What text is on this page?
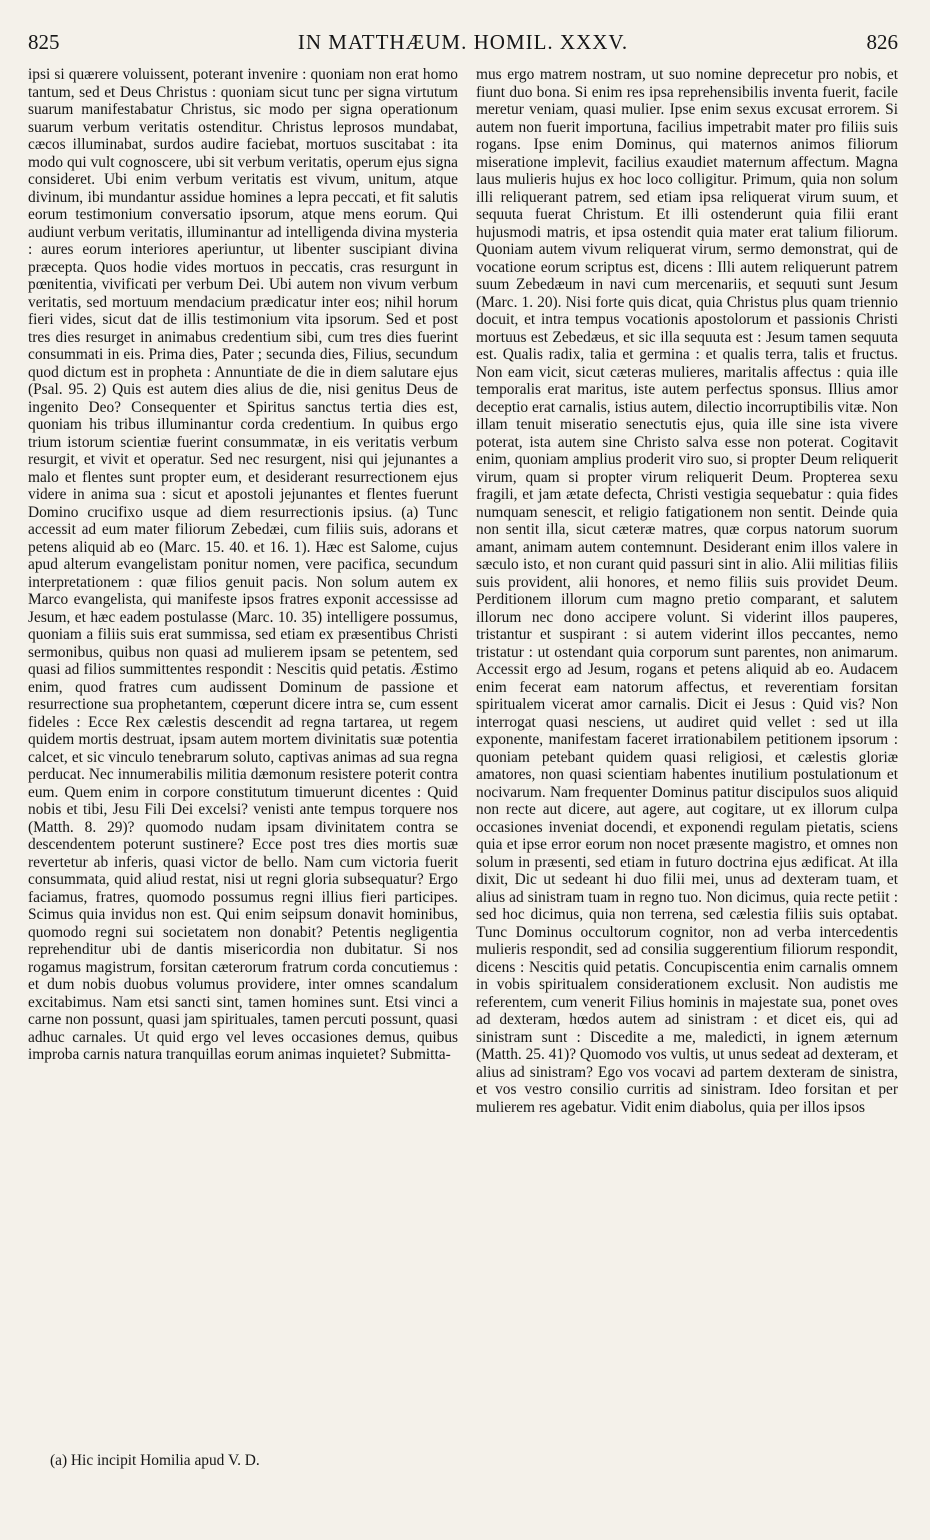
825	IN MATTHÆUM. HOMIL. XXXV.	826

ipsi si quærere voluissent, poterant invenire : quoniam non erat homo tantum, sed et Deus Christus : quoniam sicut tunc per signa virtutum suarum manifestabatur Christus, sic modo per signa operationum suarum verbum veritatis ostenditur. Christus leprosos mundabat, cæcos illuminabat, surdos audire faciebat, mortuos suscitabat : ita modo qui vult cognoscere, ubi sit verbum veritatis, operum ejus signa consideret. Ubi enim verbum veritatis est vivum, unitum, atque divinum, ibi mundantur assidue homines a lepra peccati, et fit salutis eorum testimonium conversatio ipsorum, atque mens eorum. Qui audiunt verbum veritatis, illuminantur ad intelligenda divina mysteria : aures eorum interiores aperiuntur, ut libenter suscipiant divina præcepta. Quos hodie vides mortuos in peccatis, cras resurgunt in pœnitentia, vivificati per verbum Dei. Ubi autem non vivum verbum veritatis, sed mortuum mendacium prædicatur inter eos; nihil horum fieri vides, sicut dat de illis testimonium vita ipsorum. Sed et post tres dies resurget in animabus credentium sibi, cum tres dies fuerint consummati in eis. Prima dies, Pater ; secunda dies, Filius, secundum quod dictum est in propheta : Annuntiate de die in diem salutare ejus (Psal. 95. 2) Quis est autem dies alius de die, nisi genitus Deus de ingenito Deo? Consequenter et Spiritus sanctus tertia dies est, quoniam his tribus illuminantur corda credentium. In quibus ergo trium istorum scientiæ fuerint consummatæ, in eis veritatis verbum resurgit, et vivit et operatur. Sed nec resurgent, nisi qui jejunantes a malo et flentes sunt propter eum, et desiderant resurrectionem ejus videre in anima sua : sicut et apostoli jejunantes et flentes fuerunt Domino crucifixo usque ad diem resurrectionis ipsius. (a) Tunc accessit ad eum mater filiorum Zebedæi, cum filiis suis, adorans et petens aliquid ab eo (Marc. 15. 40. et 16. 1). Hæc est Salome, cujus apud alterum evangelistam ponitur nomen, vere pacifica, secundum interpretationem : quæ filios genuit pacis. Non solum autem ex Marco evangelista, qui manifeste ipsos fratres exponit accessisse ad Jesum, et hæc eadem postulasse (Marc. 10. 35) intelligere possumus, quoniam a filiis suis erat summissa, sed etiam ex præsentibus Christi sermonibus, quibus non quasi ad mulierem ipsam se petentem, sed quasi ad filios summittentes respondit : Nescitis quid petatis. Æstimo enim, quod fratres cum audissent Dominum de passione et resurrectione sua prophetantem, cœperunt dicere intra se, cum essent fideles : Ecce Rex cælestis descendit ad regna tartarea, ut regem quidem mortis destruat, ipsam autem mortem divinitatis suæ potentia calcet, et sic vinculo tenebrarum soluto, captivas animas ad sua regna perducat. Nec innumerabilis militia dæmonum resistere poterit contra eum. Quem enim in corpore constitutum timuerunt dicentes : Quid nobis et tibi, Jesu Fili Dei excelsi? venisti ante tempus torquere nos (Matth. 8. 29)? quomodo nudam ipsam divinitatem contra se descendentem poterunt sustinere? Ecce post tres dies mortis suæ revertetur ab inferis, quasi victor de bello. Nam cum victoria fuerit consummata, quid aliud restat, nisi ut regni gloria subsequatur? Ergo faciamus, fratres, quomodo possumus regni illius fieri participes. Scimus quia invidus non est. Qui enim seipsum donavit hominibus, quomodo regni sui societatem non donabit? Petentis negligentia reprehenditur ubi de dantis misericordia non dubitatur. Si nos rogamus magistrum, forsitan cæterorum fratrum corda concutiemus : et dum nobis duobus volumus providere, inter omnes scandalum excitabimus. Nam etsi sancti sint, tamen homines sunt. Etsi vinci a carne non possunt, quasi jam spirituales, tamen percuti possunt, quasi adhuc carnales. Ut quid ergo vel leves occasiones demus, quibus improba carnis natura tranquillas eorum animas inquietet? Submitta-

mus ergo matrem nostram, ut suo nomine deprecetur pro nobis, et fiunt duo bona. Si enim res ipsa reprehensibilis inventa fuerit, facile meretur veniam, quasi mulier. Ipse enim sexus excusat errorem. Si autem non fuerit importuna, facilius impetrabit mater pro filiis suis rogans. Ipse enim Dominus, qui maternos animos filiorum miseratione implevit, facilius exaudiet maternum affectum. Magna laus mulieris hujus ex hoc loco colligitur. Primum, quia non solum illi reliquerant patrem, sed etiam ipsa reliquerat virum suum, et sequuta fuerat Christum. Et illi ostenderunt quia filii erant hujusmodi matris, et ipsa ostendit quia mater erat talium filiorum. Quoniam autem vivum reliquerat virum, sermo demonstrat, qui de vocatione eorum scriptus est, dicens : Illi autem reliquerunt patrem suum Zebedæum in navi cum mercenariis, et sequuti sunt Jesum (Marc. 1. 20). Nisi forte quis dicat, quia Christus plus quam triennio docuit, et intra tempus vocationis apostolorum et passionis Christi mortuus est Zebedæus, et sic illa sequuta est : Jesum tamen sequuta est. Qualis radix, talia et germina : et qualis terra, talis et fructus. Non eam vicit, sicut cæteras mulieres, maritalis affectus : quia ille temporalis erat maritus, iste autem perfectus sponsus. Illius amor deceptio erat carnalis, istius autem, dilectio incorruptibilis vitæ. Non illam tenuit miseratio senectutis ejus, quia ille sine ista vivere poterat, ista autem sine Christo salva esse non poterat. Cogitavit enim, quoniam amplius proderit viro suo, si propter Deum reliquerit virum, quam si propter virum reliquerit Deum. Propterea sexu fragili, et jam ætate defecta, Christi vestigia sequebatur : quia fides numquam senescit, et religio fatigationem non sentit. Deinde quia non sentit illa, sicut cæteræ matres, quæ corpus natorum suorum amant, animam autem contemnunt. Desiderant enim illos valere in sæculo isto, et non curant quid passuri sint in alio. Alii militias filiis suis provident, alii honores, et nemo filiis suis providet Deum. Perditionem illorum cum magno pretio comparant, et salutem illorum nec dono accipere volunt. Si viderint illos pauperes, tristantur et suspirant : si autem viderint illos peccantes, nemo tristatur : ut ostendant quia corporum sunt parentes, non animarum. Accessit ergo ad Jesum, rogans et petens aliquid ab eo. Audacem enim fecerat eam natorum affectus, et reverentiam forsitan spiritualem vicerat amor carnalis. Dicit ei Jesus : Quid vis? Non interrogat quasi nesciens, ut audiret quid vellet : sed ut illa exponente, manifestam faceret irrationabilem petitionem ipsorum : quoniam petebant quidem quasi religiosi, et cælestis gloriæ amatores, non quasi scientiam habentes inutilium postulationum et nocivarum. Nam frequenter Dominus patitur discipulos suos aliquid non recte aut dicere, aut agere, aut cogitare, ut ex illorum culpa occasiones inveniat docendi, et exponendi regulam pietatis, sciens quia et ipse error eorum non nocet præsente magistro, et omnes non solum in præsenti, sed etiam in futuro doctrina ejus ædificat. At illa dixit, Dic ut sedeant hi duo filii mei, unus ad dexteram tuam, et alius ad sinistram tuam in regno tuo. Non dicimus, quia recte petiit : sed hoc dicimus, quia non terrena, sed cælestia filiis suis optabat. Tunc Dominus occultorum cognitor, non ad verba intercedentis mulieris respondit, sed ad consilia suggerentium filiorum respondit, dicens : Nescitis quid petatis. Concupiscentia enim carnalis omnem in vobis spiritualem considerationem exclusit. Non audistis me referentem, cum venerit Filius hominis in majestate sua, ponet oves ad dexteram, hœdos autem ad sinistram : et dicet eis, qui ad sinistram sunt : Discedite a me, maledicti, in ignem æternum (Matth. 25. 41)? Quomodo vos vultis, ut unus sedeat ad dexteram, et alius ad sinistram? Ego vos vocavi ad partem dexteram de sinistra, et vos vestro consilio curritis ad sinistram. Ideo forsitan et per mulierem res agebatur. Vidit enim diabolus, quia per illos ipsos

(a) Hic incipit Homilia apud V. D.
